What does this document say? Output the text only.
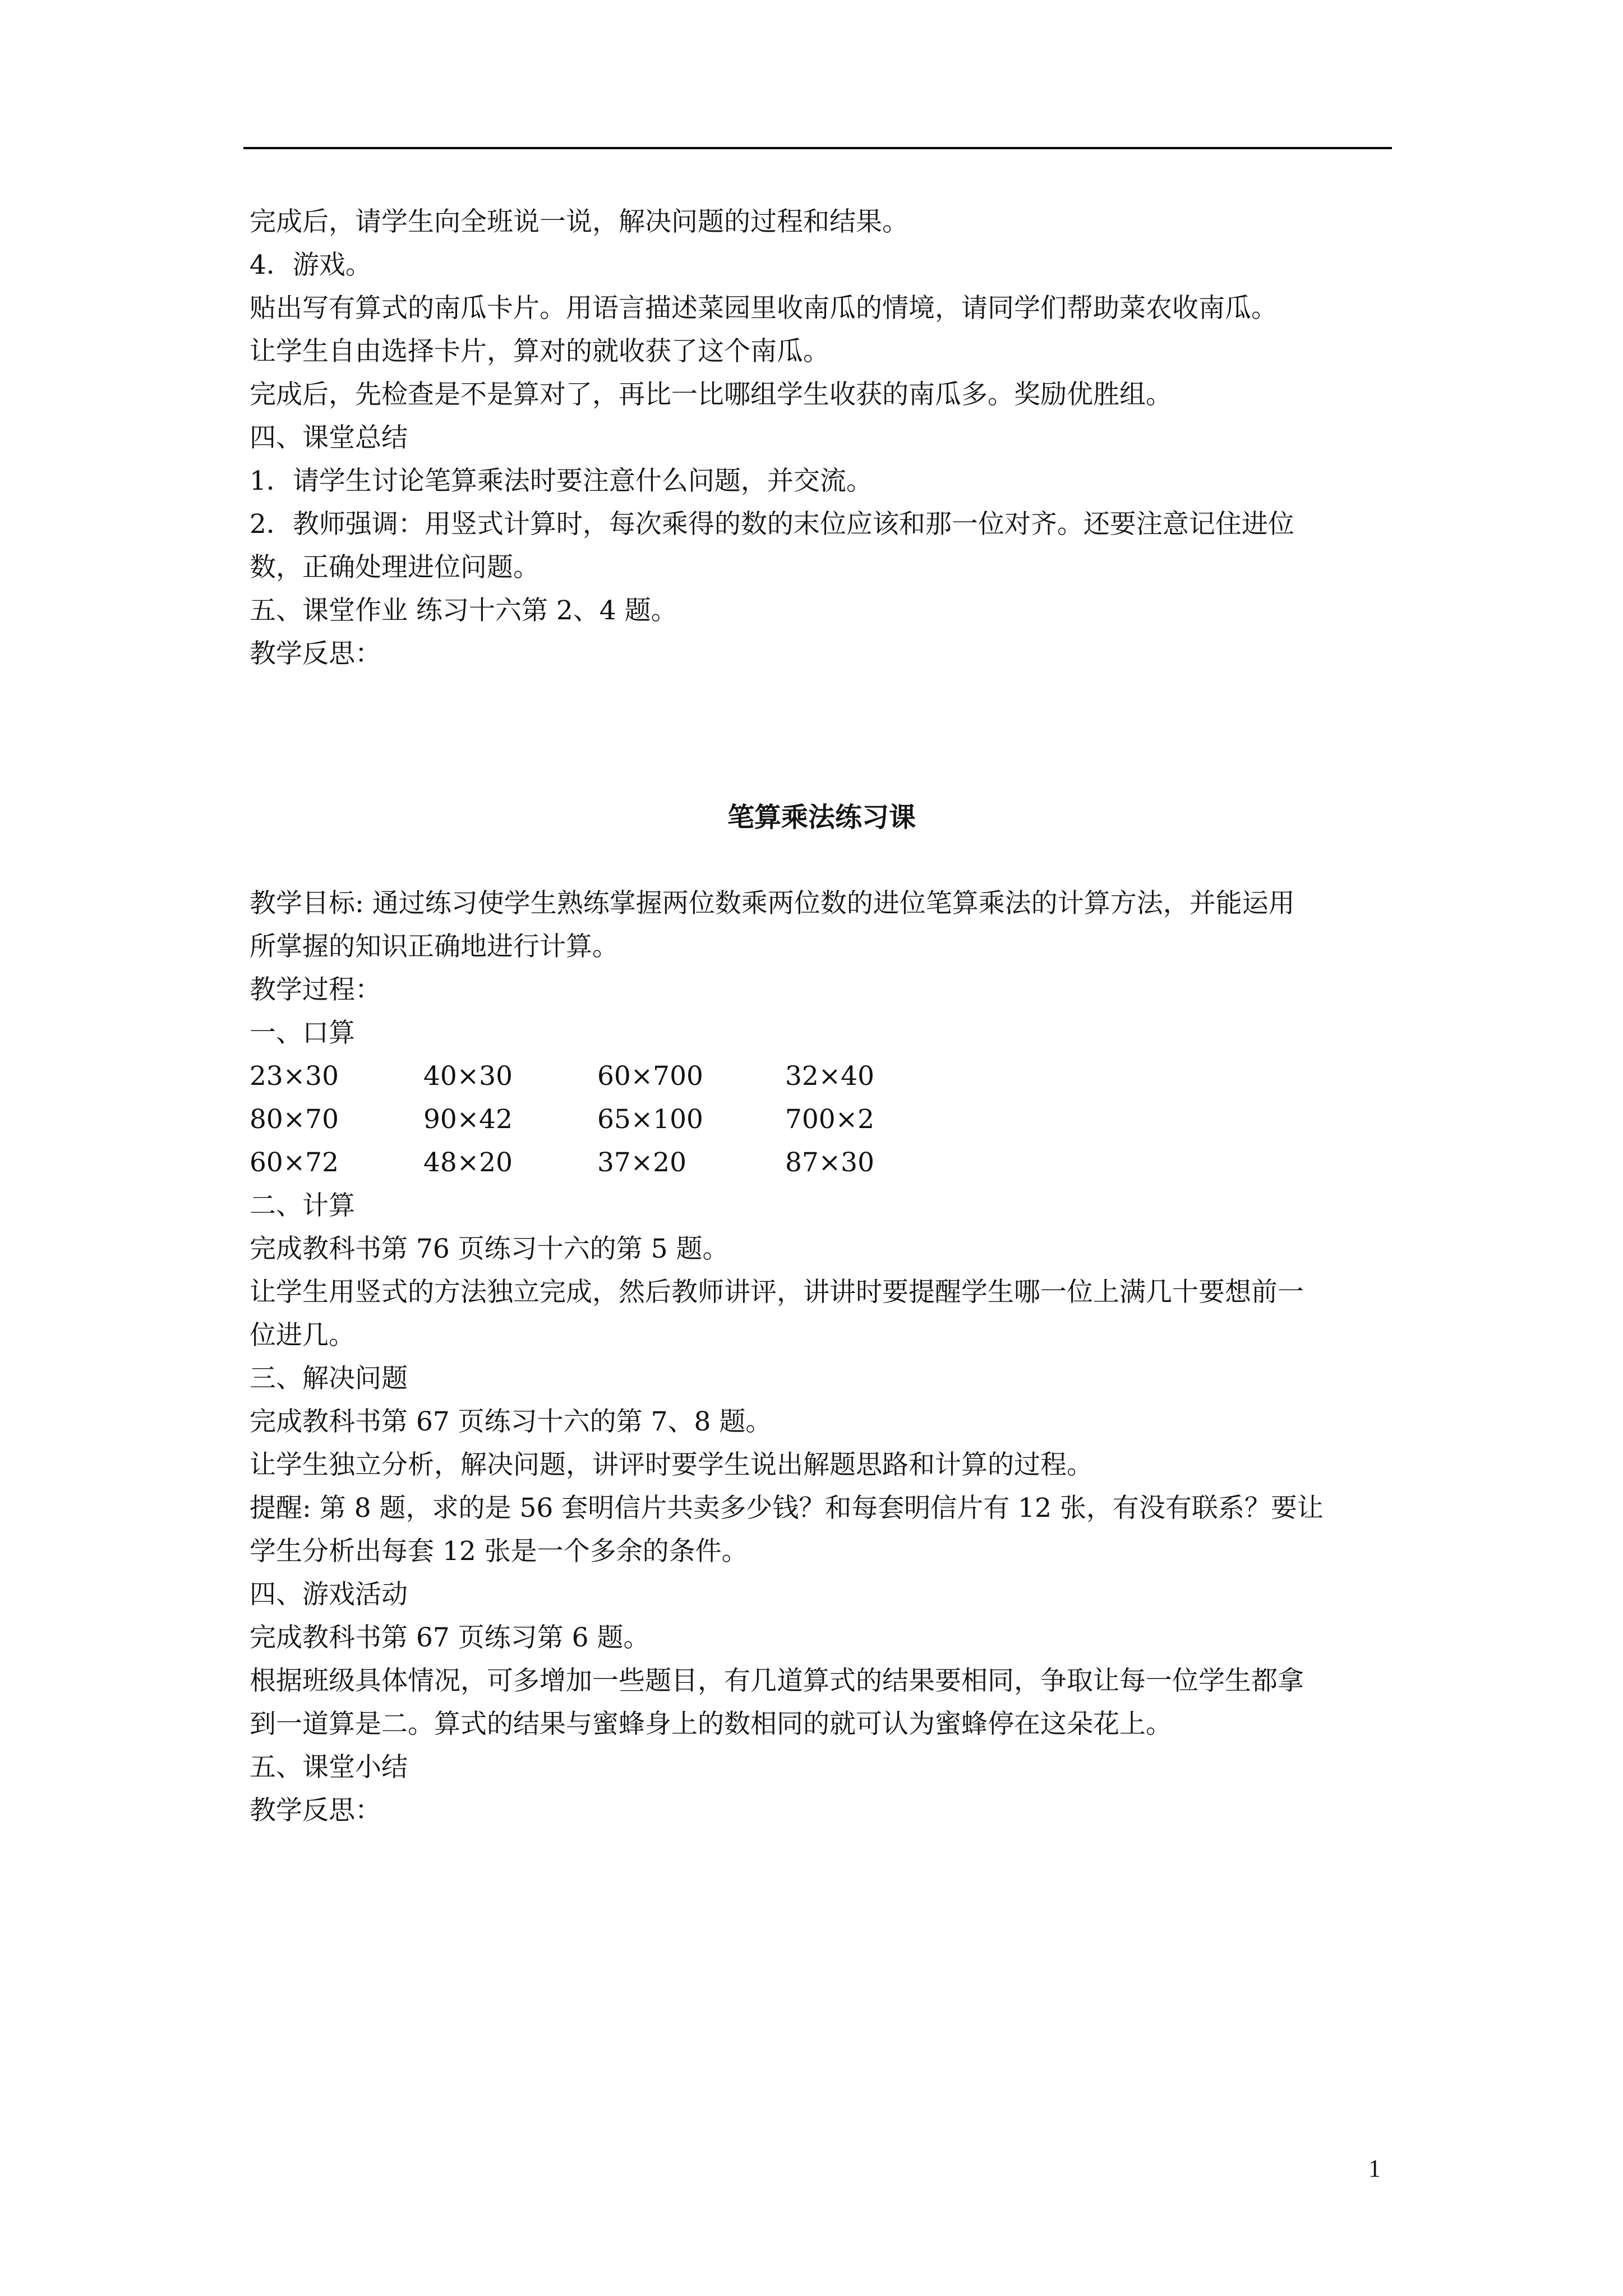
完成后，请学生向全班说一说，解决问题的过程和结果。

4．游戏。

贴出写有算式的南瓜卡片。用语言描述菜园里收南瓜的情境，请同学们帮助菜农收南瓜。

让学生自由选择卡片，算对的就收获了这个南瓜。

完成后，先检查是不是算对了，再比一比哪组学生收获的南瓜多。奖励优胜组。

四、课堂总结

1．请学生讨论笔算乘法时要注意什么问题，并交流。

2．教师强调：用竖式计算时，每次乘得的数的末位应该和那一位对齐。还要注意记住进位

数，正确处理进位问题。

五、课堂作业 练习十六第 2、4 题。

教学反思：

笔算乘法练习课

教学目标: 通过练习使学生熟练掌握两位数乘两位数的进位笔算乘法的计算方法，并能运用

所掌握的知识正确地进行计算。

教学过程：

一、口算

23×30	40×30	60×700	32×40
80×70	90×42	65×100	700×2
60×72	48×20	37×20	87×30

二、计算

完成教科书第 76 页练习十六的第 5 题。

让学生用竖式的方法独立完成，然后教师讲评，讲讲时要提醒学生哪一位上满几十要想前一

位进几。

三、解决问题

完成教科书第 67 页练习十六的第 7、8 题。

让学生独立分析，解决问题，讲评时要学生说出解题思路和计算的过程。

提醒: 第 8 题，求的是 56 套明信片共卖多少钱？和每套明信片有 12 张，有没有联系？要让

学生分析出每套 12 张是一个多余的条件。

四、游戏活动

完成教科书第 67 页练习第 6 题。

根据班级具体情况，可多增加一些题目，有几道算式的结果要相同，争取让每一位学生都拿

到一道算是二。算式的结果与蜜蜂身上的数相同的就可认为蜜蜂停在这朵花上。

五、课堂小结

教学反思：

1
